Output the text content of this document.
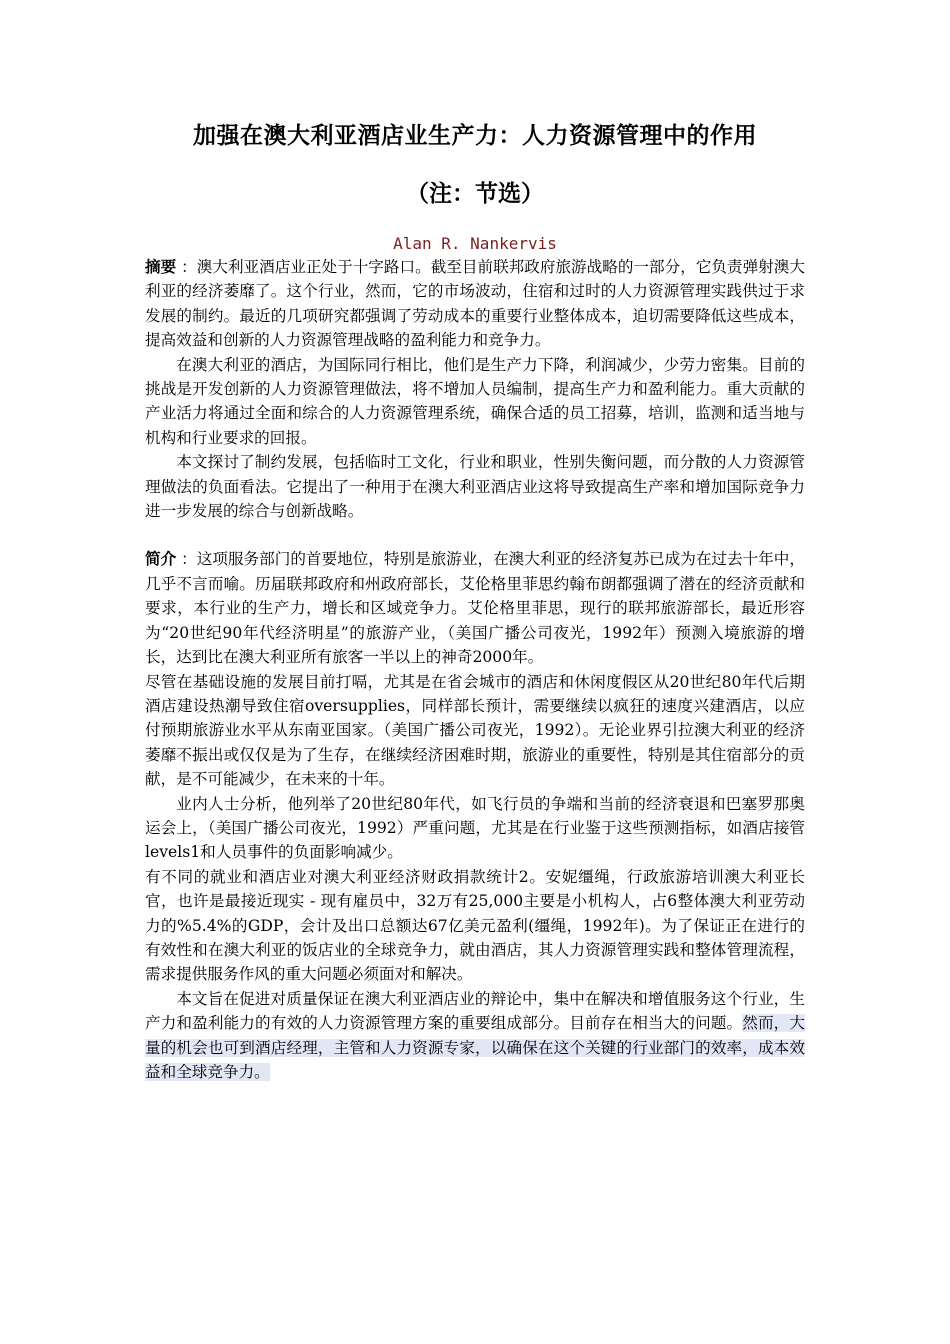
加强在澳大利亚酒店业生产力：人力资源管理中的作用
（注：节选）
Alan R. Nankervis

摘要 ：澳大利亚酒店业正处于十字路口。截至目前联邦政府旅游战略的一部分，它负责弹射澳大利亚的经济萎靡了。这个行业，然而，它的市场波动，住宿和过时的人力资源管理实践供过于求发展的制约。最近的几项研究都强调了劳动成本的重要行业整体成本，迫切需要降低这些成本，提高效益和创新的人力资源管理战略的盈利能力和竞争力。

在澳大利亚的酒店，为国际同行相比，他们是生产力下降，利润减少，少劳力密集。目前的挑战是开发创新的人力资源管理做法，将不增加人员编制，提高生产力和盈利能力。重大贡献的产业活力将通过全面和综合的人力资源管理系统，确保合适的员工招募，培训，监测和适当地与机构和行业要求的回报。

本文探讨了制约发展，包括临时工文化，行业和职业，性别失衡问题，而分散的人力资源管理做法的负面看法。它提出了一种用于在澳大利亚酒店业这将导致提高生产率和增加国际竞争力进一步发展的综合与创新战略。

简介 ：这项服务部门的首要地位，特别是旅游业，在澳大利亚的经济复苏已成为在过去十年中，几乎不言而喻。历届联邦政府和州政府部长，艾伦格里菲思约翰布朗都强调了潜在的经济贡献和要求，本行业的生产力，增长和区域竞争力。艾伦格里菲思，现行的联邦旅游部长，最近形容为“20世纪90年代经济明星”的旅游产业，（美国广播公司夜光，1992年）预测入境旅游的增长，达到比在澳大利亚所有旅客一半以上的神奇2000年。

尽管在基础设施的发展目前打嗝，尤其是在省会城市的酒店和休闲度假区从20世纪80年代后期酒店建设热潮导致住宿oversupplies，同样部长预计，需要继续以疯狂的速度兴建酒店，以应付预期旅游业水平从东南亚国家。（美国广播公司夜光，1992）。无论业界引拉澳大利亚的经济萎靡不振出或仅仅是为了生存，在继续经济困难时期，旅游业的重要性，特别是其住宿部分的贡献，是不可能减少，在未来的十年。

业内人士分析，他列举了20世纪80年代，如飞行员的争端和当前的经济衰退和巴塞罗那奥运会上，（美国广播公司夜光，1992）严重问题，尤其是在行业鉴于这些预测指标，如酒店接管levels1和人员事件的负面影响减少。

有不同的就业和酒店业对澳大利亚经济财政捐款统计2。安妮缰绳，行政旅游培训澳大利亚长官，也许是最接近现实 - 现有雇员中，32万有25,000主要是小机构人，占6整体澳大利亚劳动力的%5.4%的GDP，会计及出口总额达67亿美元盈利(缰绳，1992年)。为了保证正在进行的有效性和在澳大利亚的饭店业的全球竞争力，就由酒店，其人力资源管理实践和整体管理流程，需求提供服务作风的重大问题必须面对和解决。

本文旨在促进对质量保证在澳大利亚酒店业的辩论中，集中在解决和增值服务这个行业，生产力和盈利能力的有效的人力资源管理方案的重要组成部分。目前存在相当大的问题。然而，大量的机会也可到酒店经理，主管和人力资源专家，以确保在这个关键的行业部门的效率，成本效益和全球竞争力。
